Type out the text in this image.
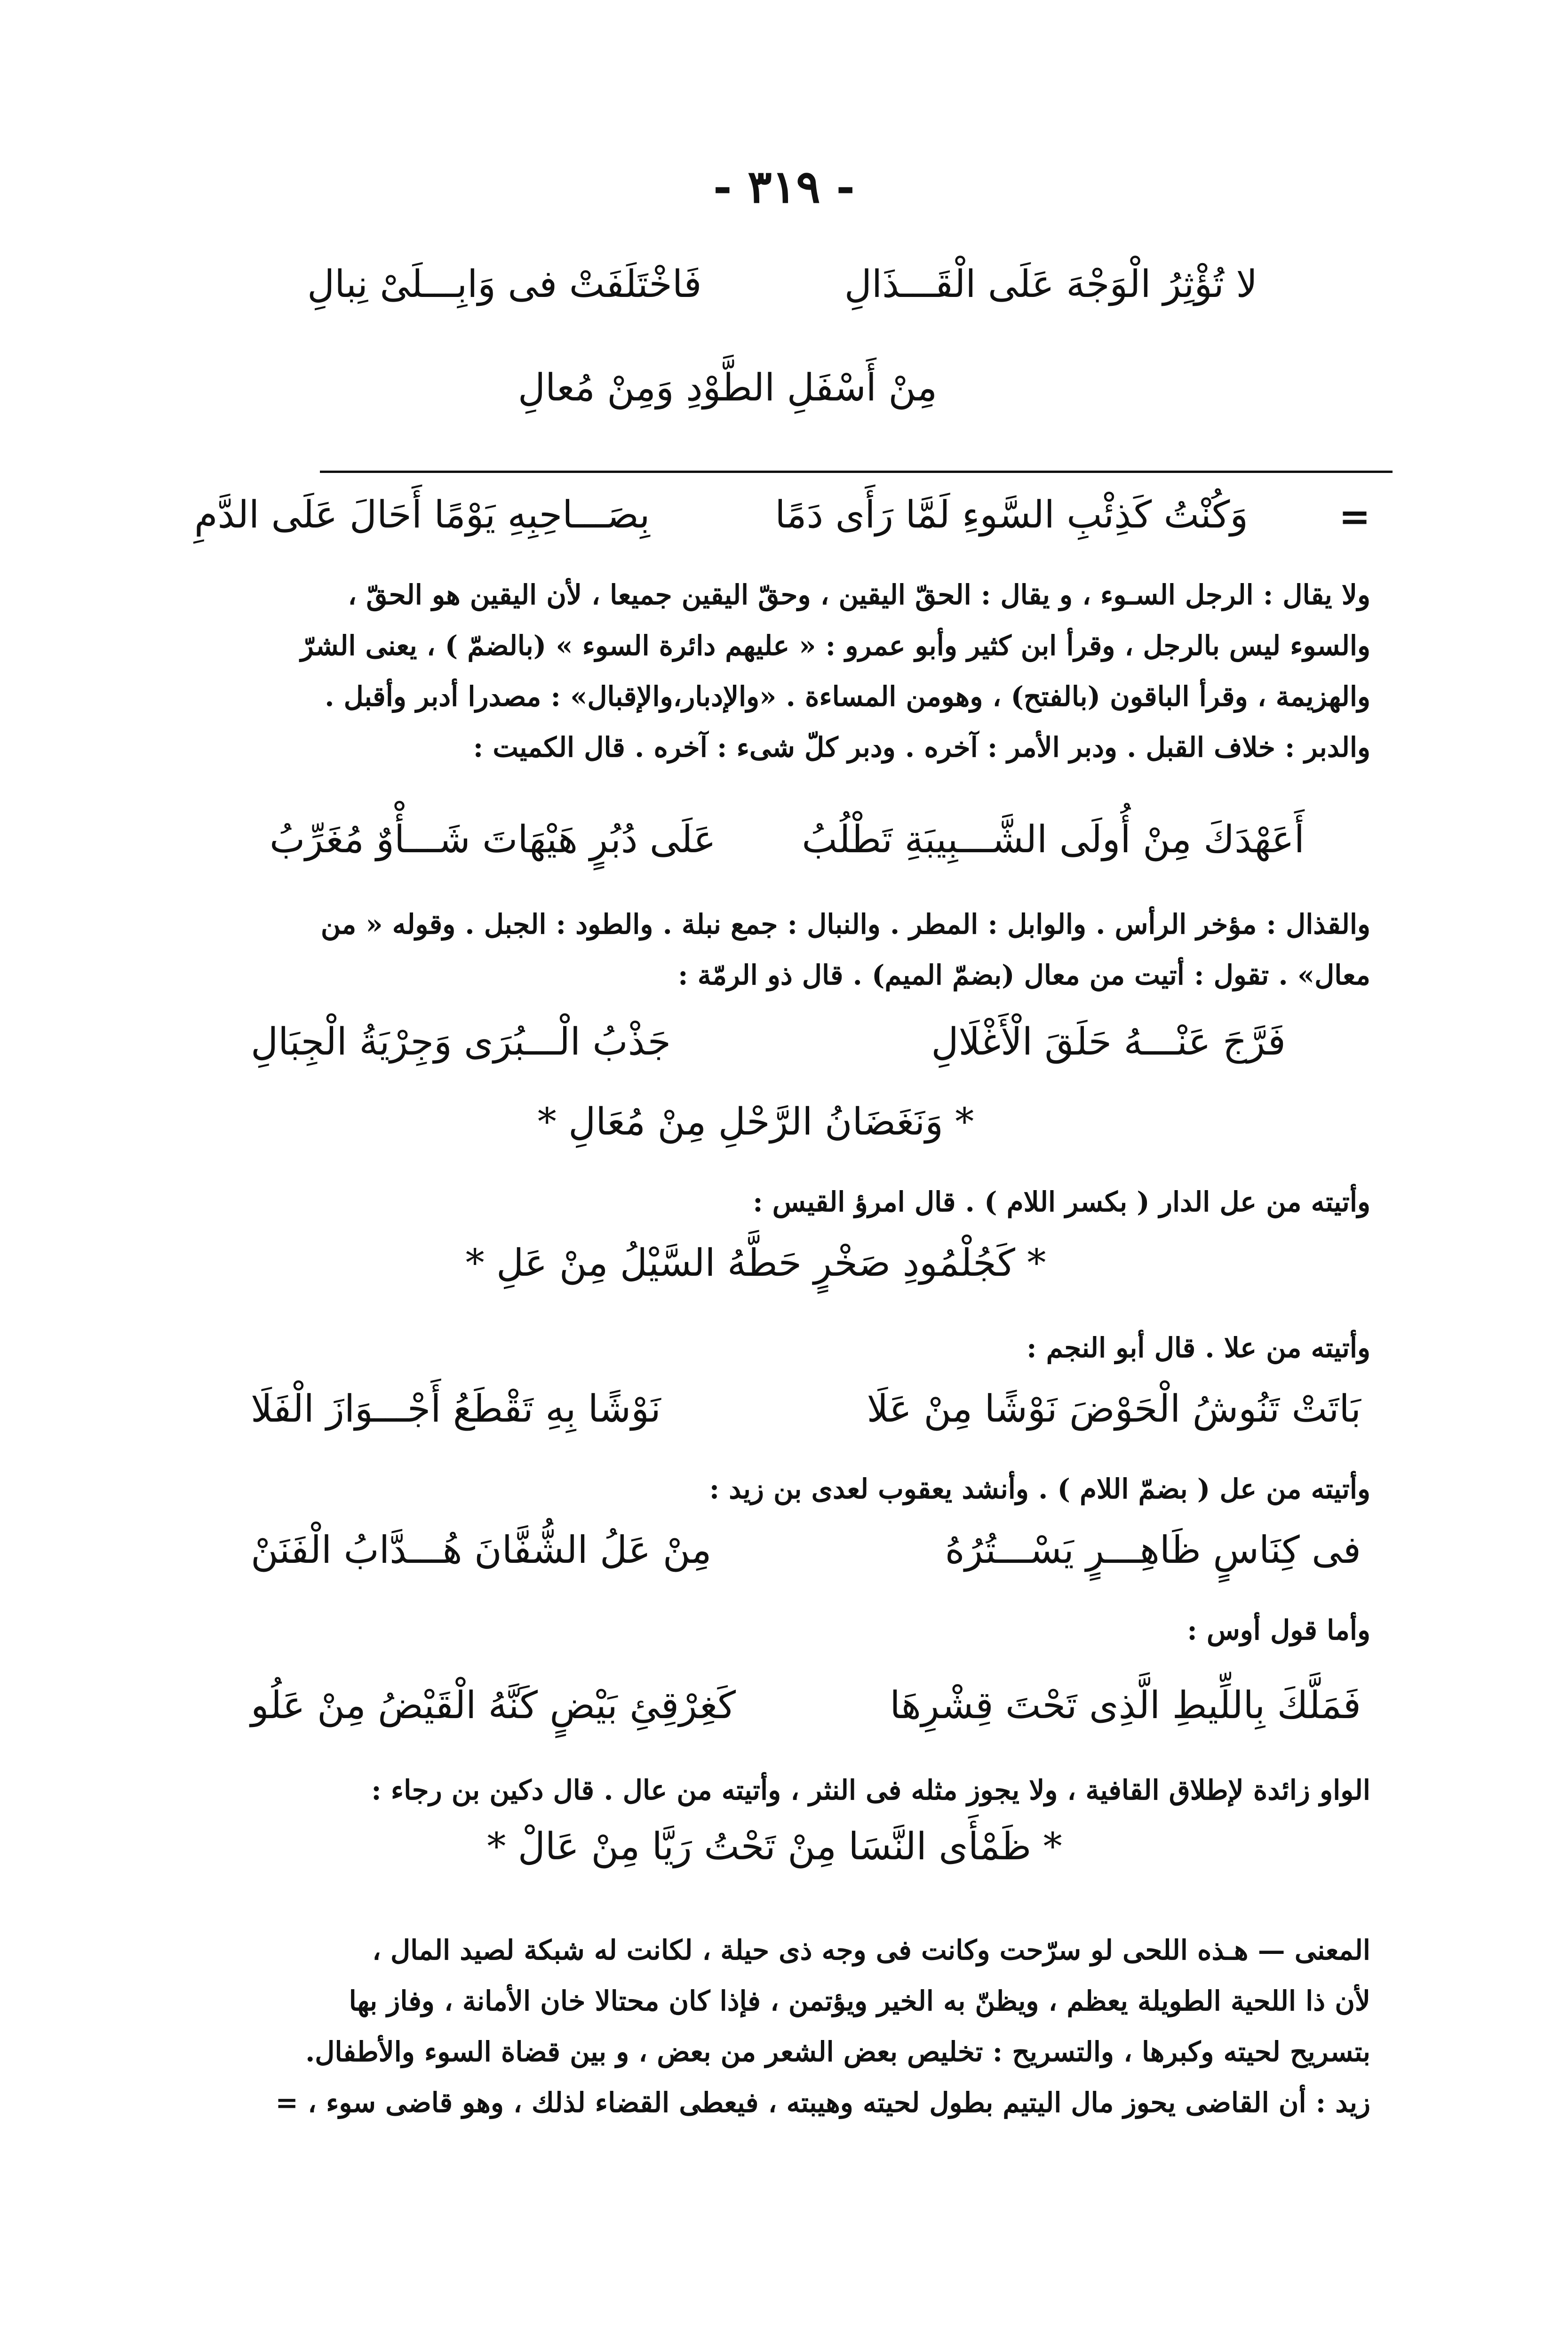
- ٣١٩ -
لا تُؤْثِرُ الْوَجْهَ عَلَى الْقَـــذَالِ
فَاخْتَلَفَتْ فى وَابِـــلَىْ نِبالِ
مِنْ أَسْفَلِ الطَّوْدِ وَمِنْ مُعالِ
=
وَكُنْتُ كَذِئْبِ السَّوءِ لَمَّا رَأَى دَمًا
بِصَـــاحِبِهِ يَوْمًا أَحَالَ عَلَى الدَّمِ
ولا يقال : الرجل السـوء ، و يقال : الحقّ اليقين ، وحقّ اليقين جميعا ، لأن اليقين هو الحقّ ،
والسوء ليس بالرجل ، وقرأ ابن كثير وأبو عمرو : « عليهم دائرة السوء » (بالضمّ ) ، يعنى الشرّ
والهزيمة ، وقرأ الباقون (بالفتح) ، وهومن المساءة . «والإدبار،والإقبال» : مصدرا أدبر وأقبل .
والدبر : خلاف القبل . ودبر الأمر : آخره . ودبر كلّ شىء : آخره . قال الكميت :
أَعَهْدَكَ مِنْ أُولَى الشَّـــبِيبَةِ تَطْلُبُ
عَلَى دُبُرٍ هَيْهَاتَ شَـــأْوٌ مُغَرِّبُ
والقذال : مؤخر الرأس . والوابل : المطر . والنبال : جمع نبلة . والطود : الجبل . وقوله « من
معال» . تقول : أتيت من معال (بضمّ الميم) . قال ذو الرمّة :
فَرَّجَ عَنْـــهُ حَلَقَ الْأَغْلَالِ
جَذْبُ الْـــبُرَى وَجِرْيَةُ الْجِبَالِ
* وَنَغَضَانُ الرَّحْلِ مِنْ مُعَالِ *
وأتيته من عل الدار ( بكسر اللام ) . قال امرؤ القيس :
* كَجُلْمُودِ صَخْرٍ حَطَّهُ السَّيْلُ مِنْ عَلِ *
وأتيته من علا . قال أبو النجم :
بَاتَتْ تَنُوشُ الْحَوْضَ نَوْشًا مِنْ عَلَا
نَوْشًا بِهِ تَقْطَعُ أَجْـــوَازَ الْفَلَا
وأتيته من عل ( بضمّ اللام ) . وأنشد يعقوب لعدى بن زيد :
فى كِنَاسٍ ظَاهِـــرٍ يَسْـــتُرُهُ
مِنْ عَلُ الشُّفَّانَ هُـــدَّابُ الْفَنَنْ
وأما قول أوس :
فَمَلَّكَ بِاللِّيطِ الَّذِى تَحْتَ قِشْرِهَا
كَغِرْقِئِ بَيْضٍ كَنَّهُ الْقَيْضُ مِنْ عَلُو
الواو زائدة لإطلاق القافية ، ولا يجوز مثله فى النثر ، وأتيته من عال . قال دكين بن رجاء :
* ظَمْأَى النَّسَا مِنْ تَحْتُ رَيَّا مِنْ عَالْ *
المعنى — هـذه اللحى لو سرّحت وكانت فى وجه ذى حيلة ، لكانت له شبكة لصيد المال ،
لأن ذا اللحية الطويلة يعظم ، ويظنّ به الخير ويؤتمن ، فإذا كان محتالا خان الأمانة ، وفاز بها
بتسريح لحيته وكبرها ، والتسريح : تخليص بعض الشعر من بعض ، و بين قضاة السوء والأطفال.
زيد : أن القاضى يحوز مال اليتيم بطول لحيته وهيبته ، فيعطى القضاء لذلك ، وهو قاضى سوء ، =
